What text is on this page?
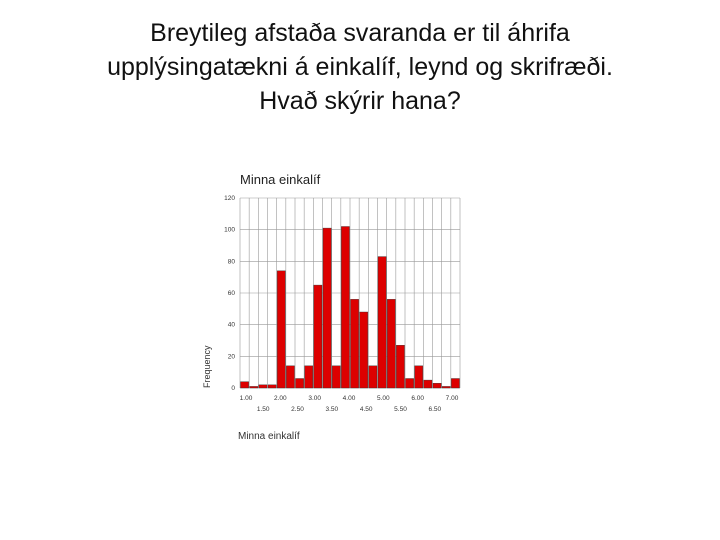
Breytileg afstaða svaranda er til áhrifa
upplýsingatækni á einkalíf, leynd og skrifræði.
Hvað skýrir hana?
Minna einkalíf
0
20
40
60
80
100
120
1.00	2.00	3.00	4.00	5.00	6.00	7.00
1.50	2.50	3.50	4.50	5.50	6.50
Frequency
Minna einkalíf
